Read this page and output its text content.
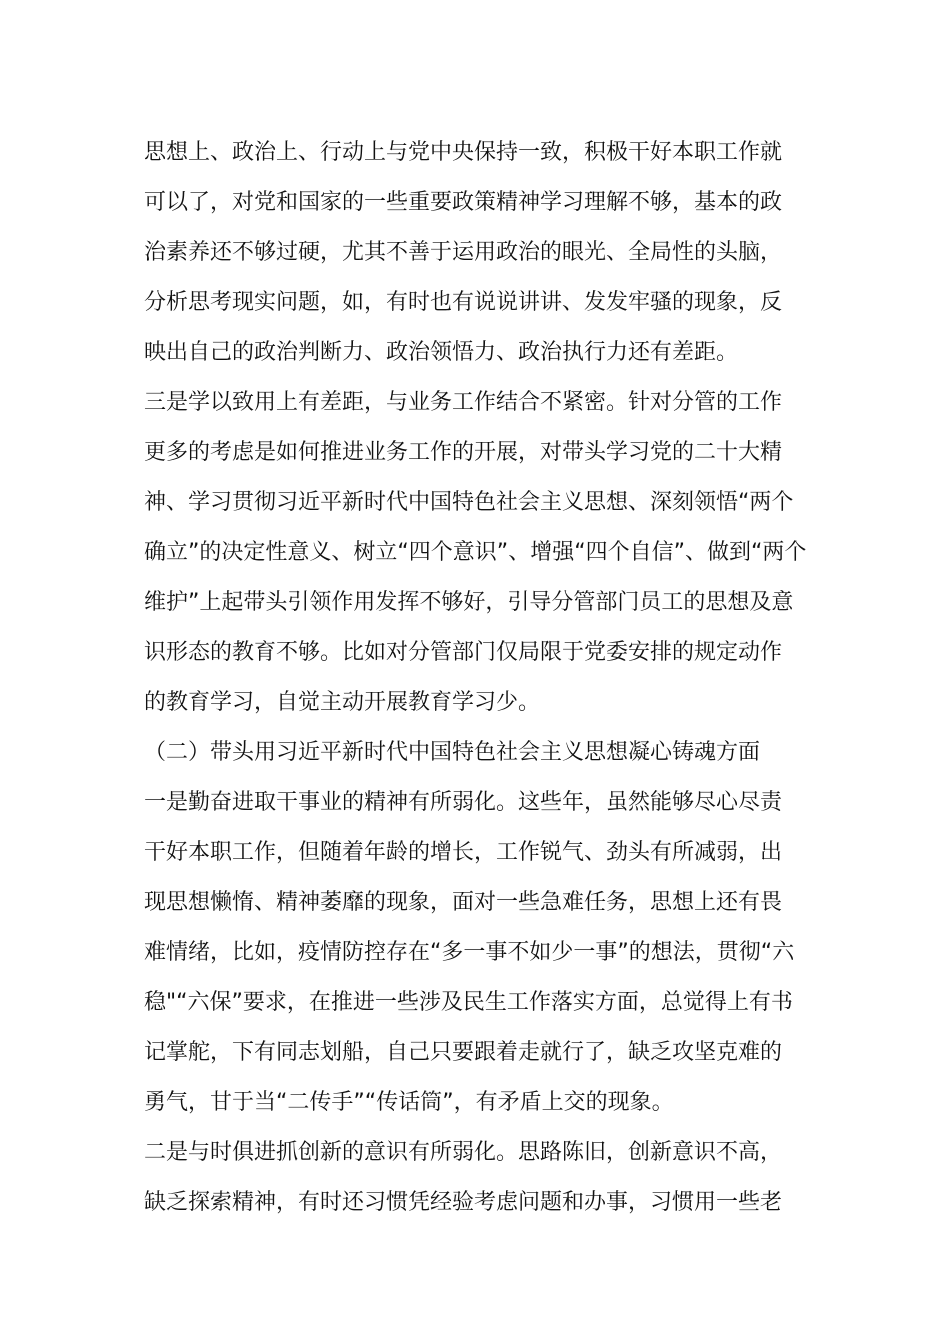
思想上、政治上、行动上与党中央保持一致，积极干好本职工作就
可以了，对党和国家的一些重要政策精神学习理解不够，基本的政
治素养还不够过硬，尤其不善于运用政治的眼光、全局性的头脑，
分析思考现实问题，如，有时也有说说讲讲、发发牢骚的现象，反
映出自己的政治判断力、政治领悟力、政治执行力还有差距。
三是学以致用上有差距，与业务工作结合不紧密。针对分管的工作
更多的考虑是如何推进业务工作的开展，对带头学习党的二十大精
神、学习贯彻习近平新时代中国特色社会主义思想、深刻领悟“两个
确立”的决定性意义、树立“四个意识”、增强“四个自信”、做到“两个
维护”上起带头引领作用发挥不够好，引导分管部门员工的思想及意
识形态的教育不够。比如对分管部门仅局限于党委安排的规定动作
的教育学习，自觉主动开展教育学习少。
（二）带头用习近平新时代中国特色社会主义思想凝心铸魂方面
一是勤奋进取干事业的精神有所弱化。这些年，虽然能够尽心尽责
干好本职工作，但随着年龄的增长，工作锐气、劲头有所减弱，出
现思想懒惰、精神萎靡的现象，面对一些急难任务，思想上还有畏
难情绪，比如，疫情防控存在“多一事不如少一事”的想法，贯彻“六
稳"“六保”要求，在推进一些涉及民生工作落实方面，总觉得上有书
记掌舵，下有同志划船，自己只要跟着走就行了，缺乏攻坚克难的
勇气，甘于当“二传手”“传话筒”，有矛盾上交的现象。
二是与时俱进抓创新的意识有所弱化。思路陈旧，创新意识不高，
缺乏探索精神，有时还习惯凭经验考虑问题和办事，习惯用一些老
